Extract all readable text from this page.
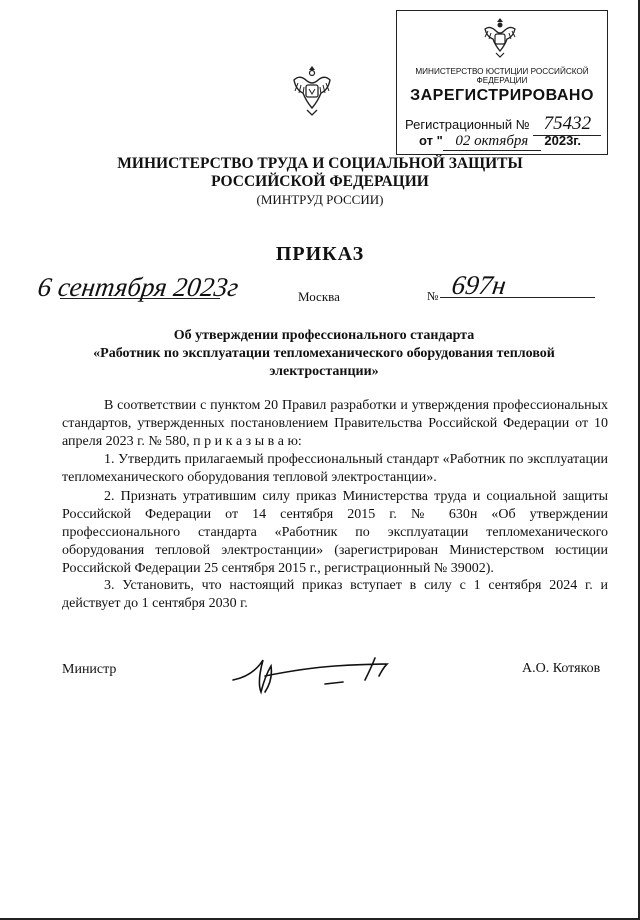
МИНИСТЕРСТВО ЮСТИЦИИ РОССИЙСКОЙ ФЕДЕРАЦИИ
ЗАРЕГИСТРИРОВАНО
Регистрационный № 75432
от " 02 октября 2023г.
МИНИСТЕРСТВО ТРУДА И СОЦИАЛЬНОЙ ЗАЩИТЫ
РОССИЙСКОЙ ФЕДЕРАЦИИ
(МИНТРУД РОССИИ)
ПРИКАЗ
6 сентября 2023г	Москва	№ 697н
Об утверждении профессионального стандарта
«Работник по эксплуатации тепломеханического оборудования тепловой
электростанции»
В соответствии с пунктом 20 Правил разработки и утверждения профессиональных стандартов, утвержденных постановлением Правительства Российской Федерации от 10 апреля 2023 г. № 580, п р и к а з ы в а ю:
1. Утвердить прилагаемый профессиональный стандарт «Работник по эксплуатации тепломеханического оборудования тепловой электростанции».
2. Признать утратившим силу приказ Министерства труда и социальной защиты Российской Федерации от 14 сентября 2015 г. № 630н «Об утверждении профессионального стандарта «Работник по эксплуатации тепломеханического оборудования тепловой электростанции» (зарегистрирован Министерством юстиции Российской Федерации 25 сентября 2015 г., регистрационный № 39002).
3. Установить, что настоящий приказ вступает в силу с 1 сентября 2024 г. и действует до 1 сентября 2030 г.
Министр	А.О. Котяков
